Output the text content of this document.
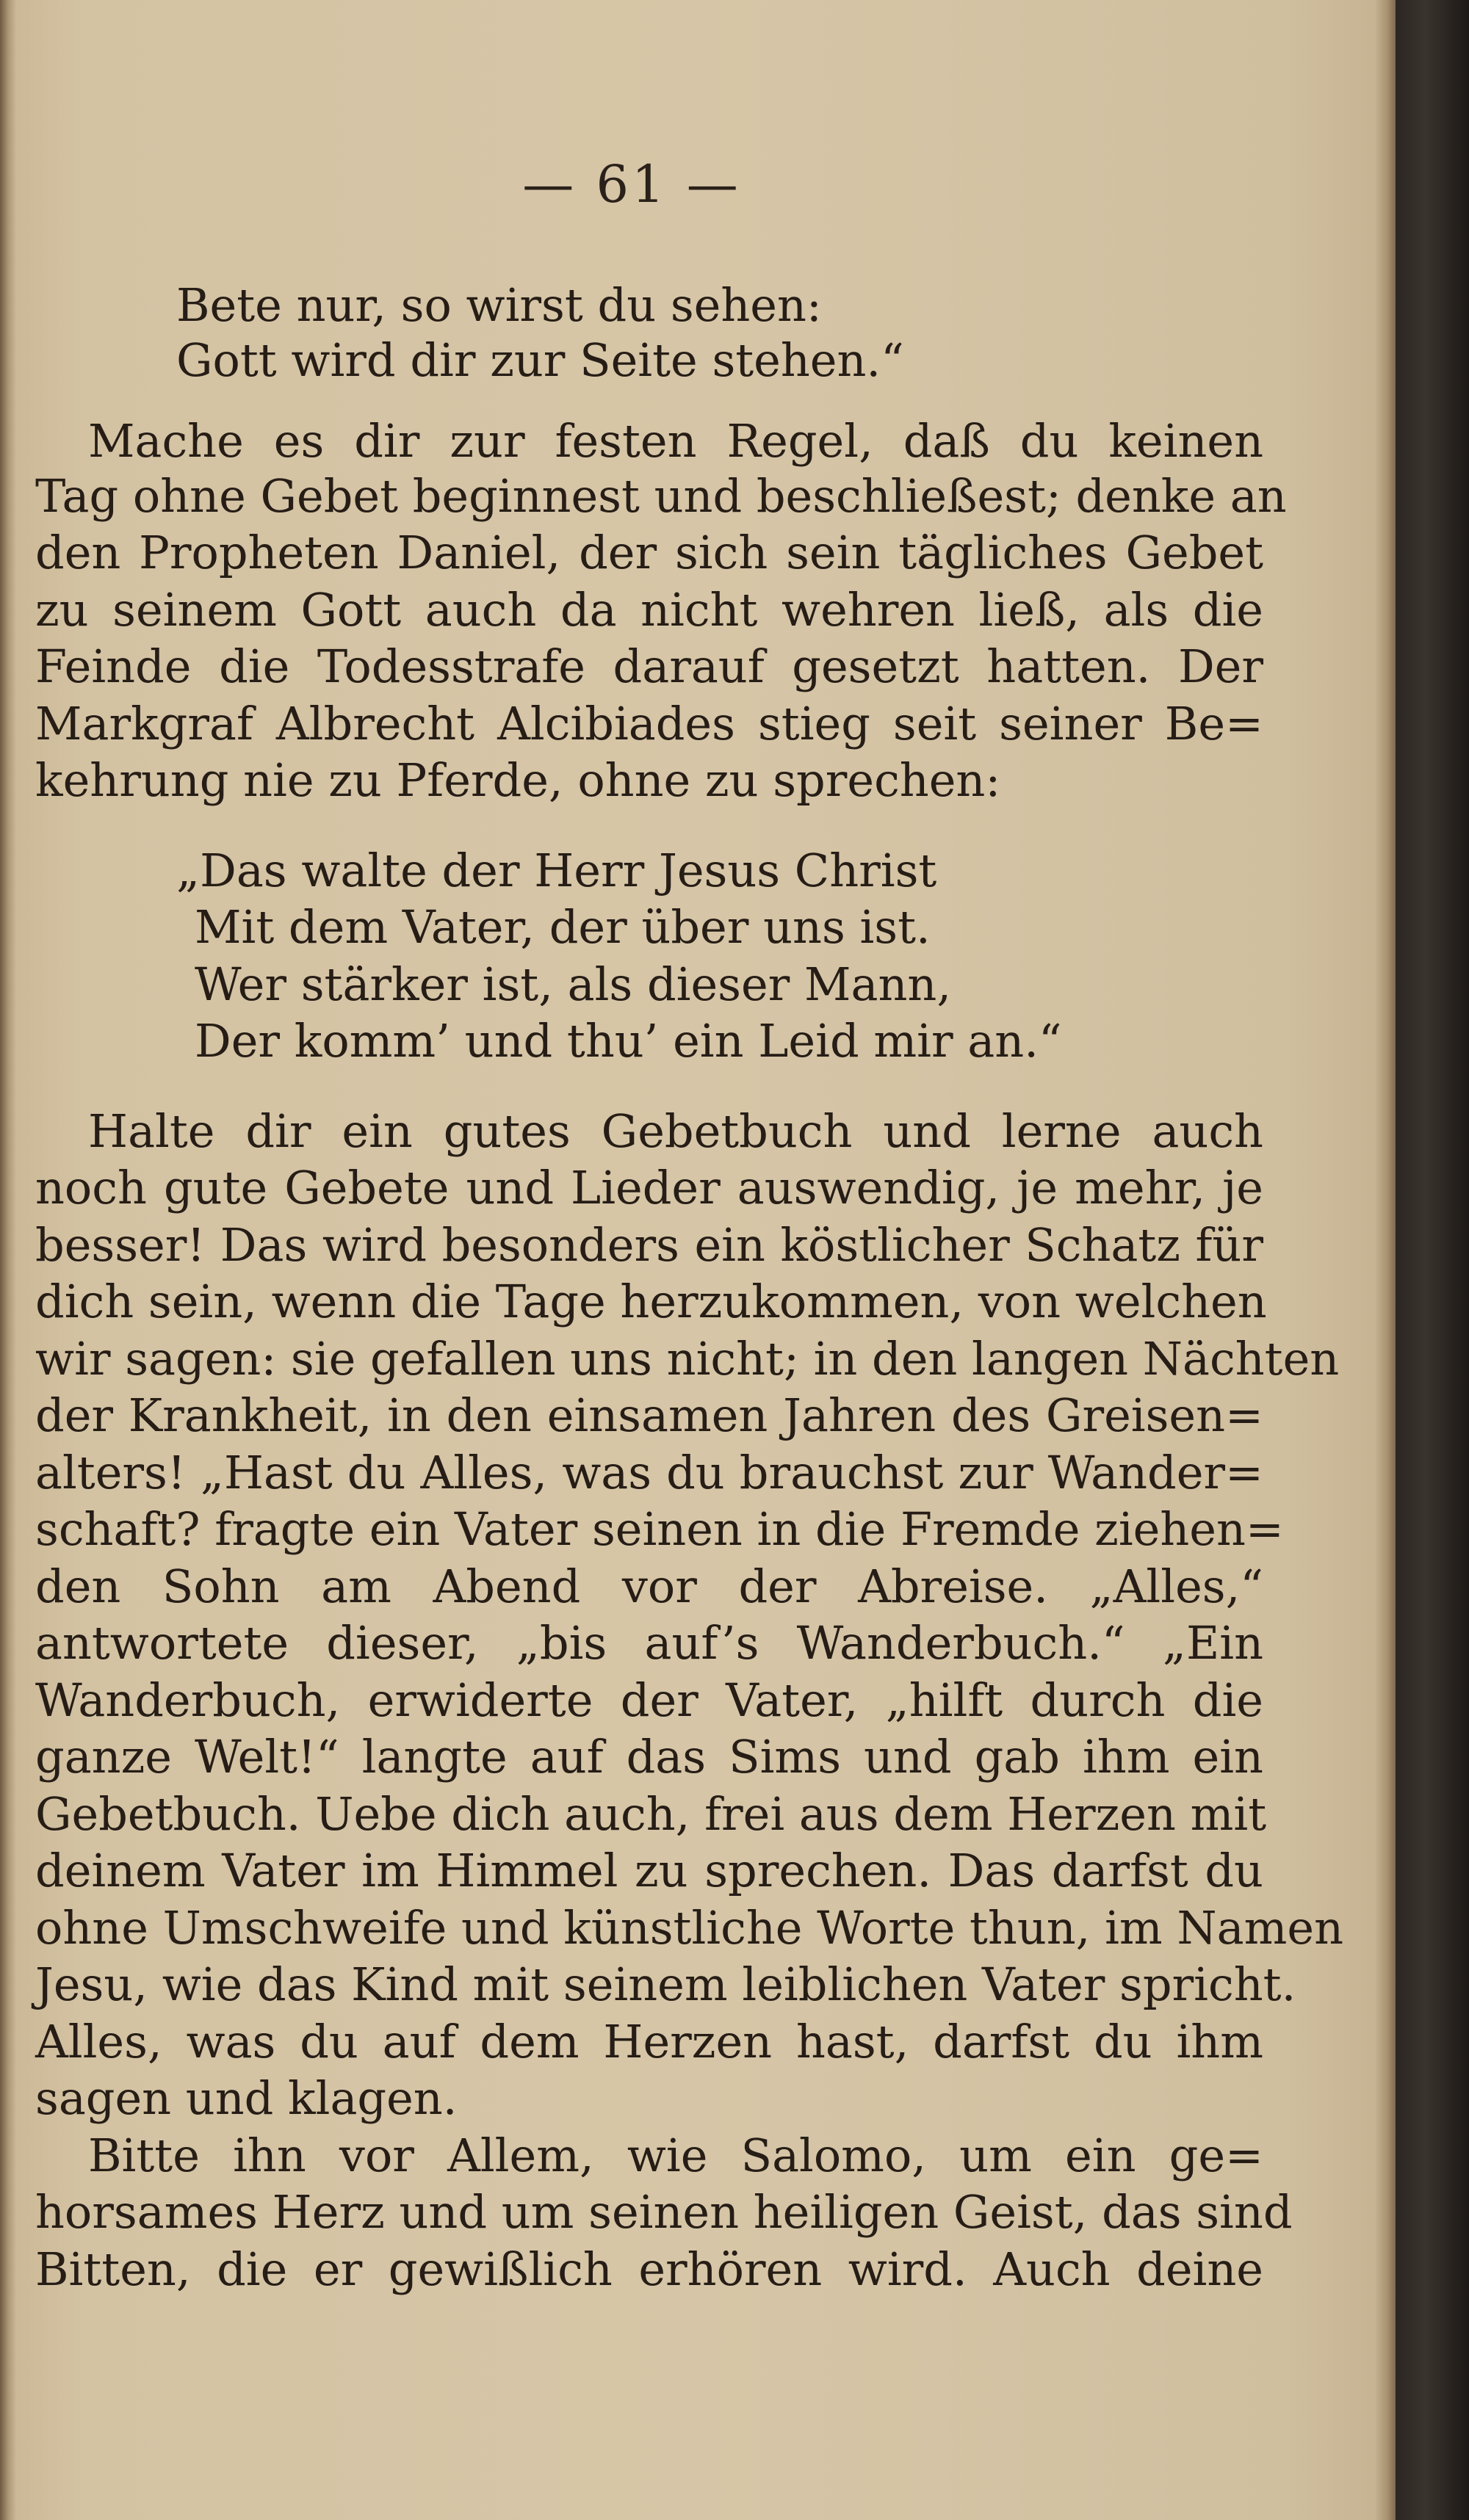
— 61 —
Bete nur, so wirst du sehen:
Gott wird dir zur Seite stehen.“
Mache es dir zur festen Regel, daß du keinen
Tag ohne Gebet beginnest und beschließest; denke an
den Propheten Daniel, der sich sein tägliches Gebet
zu seinem Gott auch da nicht wehren ließ, als die
Feinde die Todesstrafe darauf gesetzt hatten. Der
Markgraf Albrecht Alcibiades stieg seit seiner Be=
kehrung nie zu Pferde, ohne zu sprechen:
„Das walte der Herr Jesus Christ
Mit dem Vater, der über uns ist.
Wer stärker ist, als dieser Mann,
Der komm’ und thu’ ein Leid mir an.“
Halte dir ein gutes Gebetbuch und lerne auch
noch gute Gebete und Lieder auswendig, je mehr, je
besser! Das wird besonders ein köstlicher Schatz für
dich sein, wenn die Tage herzukommen, von welchen
wir sagen: sie gefallen uns nicht; in den langen Nächten
der Krankheit, in den einsamen Jahren des Greisen=
alters! „Hast du Alles, was du brauchst zur Wander=
schaft? fragte ein Vater seinen in die Fremde ziehen=
den Sohn am Abend vor der Abreise. „Alles,“
antwortete dieser, „bis auf’s Wanderbuch.“ „Ein
Wanderbuch, erwiderte der Vater, „hilft durch die
ganze Welt!“ langte auf das Sims und gab ihm ein
Gebetbuch. Uebe dich auch, frei aus dem Herzen mit
deinem Vater im Himmel zu sprechen. Das darfst du
ohne Umschweife und künstliche Worte thun, im Namen
Jesu, wie das Kind mit seinem leiblichen Vater spricht.
Alles, was du auf dem Herzen hast, darfst du ihm
sagen und klagen.
Bitte ihn vor Allem, wie Salomo, um ein ge=
horsames Herz und um seinen heiligen Geist, das sind
Bitten, die er gewißlich erhören wird. Auch deine
